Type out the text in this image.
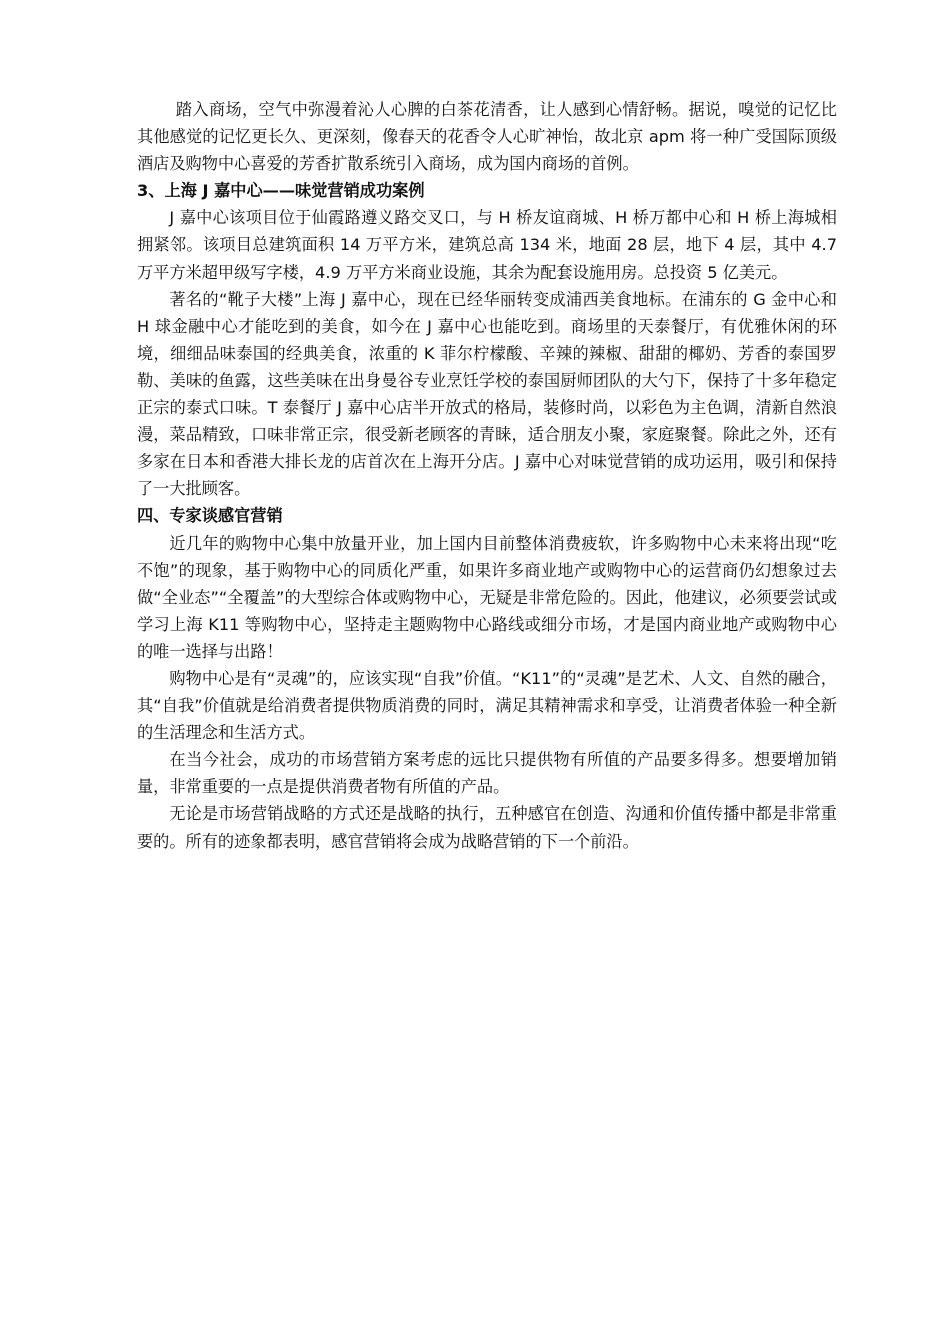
踏入商场，空气中弥漫着沁人心脾的白茶花清香，让人感到心情舒畅。据说，嗅觉的记忆比其他感觉的记忆更长久、更深刻，像春天的花香令人心旷神怡，故北京 apm 将一种广受国际顶级酒店及购物中心喜爱的芳香扩散系统引入商场，成为国内商场的首例。

3、上海 J 嘉中心——味觉营销成功案例

J 嘉中心该项目位于仙霞路遵义路交叉口，与 H 桥友谊商城、H 桥万都中心和 H 桥上海城相拥紧邻。该项目总建筑面积 14 万平方米，建筑总高 134 米，地面 28 层，地下 4 层，其中 4.7 万平方米超甲级写字楼，4.9 万平方米商业设施，其余为配套设施用房。总投资 5 亿美元。

著名的“靴子大楼”上海 J 嘉中心，现在已经华丽转变成浦西美食地标。在浦东的 G 金中心和 H 球金融中心才能吃到的美食，如今在 J 嘉中心也能吃到。商场里的天泰餐厅，有优雅休闲的环境，细细品味泰国的经典美食，浓重的 K 菲尔柠檬酸、辛辣的辣椒、甜甜的椰奶、芳香的泰国罗勒、美味的鱼露，这些美味在出身曼谷专业烹饪学校的泰国厨师团队的大勺下，保持了十多年稳定正宗的泰式口味。T 泰餐厅 J 嘉中心店半开放式的格局，装修时尚，以彩色为主色调，清新自然浪漫，菜品精致，口味非常正宗，很受新老顾客的青睐，适合朋友小聚，家庭聚餐。除此之外，还有多家在日本和香港大排长龙的店首次在上海开分店。J 嘉中心对味觉营销的成功运用，吸引和保持了一大批顾客。

四、专家谈感官营销

近几年的购物中心集中放量开业，加上国内目前整体消费疲软，许多购物中心未来将出现“吃不饱”的现象，基于购物中心的同质化严重，如果许多商业地产或购物中心的运营商仍幻想象过去做“全业态”“全覆盖”的大型综合体或购物中心，无疑是非常危险的。因此，他建议，必须要尝试或学习上海 K11 等购物中心，坚持走主题购物中心路线或细分市场，才是国内商业地产或购物中心的唯一选择与出路！

购物中心是有“灵魂”的，应该实现“自我”价值。“K11”的“灵魂”是艺术、人文、自然的融合，其“自我”价值就是给消费者提供物质消费的同时，满足其精神需求和享受，让消费者体验一种全新的生活理念和生活方式。

在当今社会，成功的市场营销方案考虑的远比只提供物有所值的产品要多得多。想要增加销量，非常重要的一点是提供消费者物有所值的产品。

无论是市场营销战略的方式还是战略的执行，五种感官在创造、沟通和价值传播中都是非常重要的。所有的迹象都表明，感官营销将会成为战略营销的下一个前沿。
